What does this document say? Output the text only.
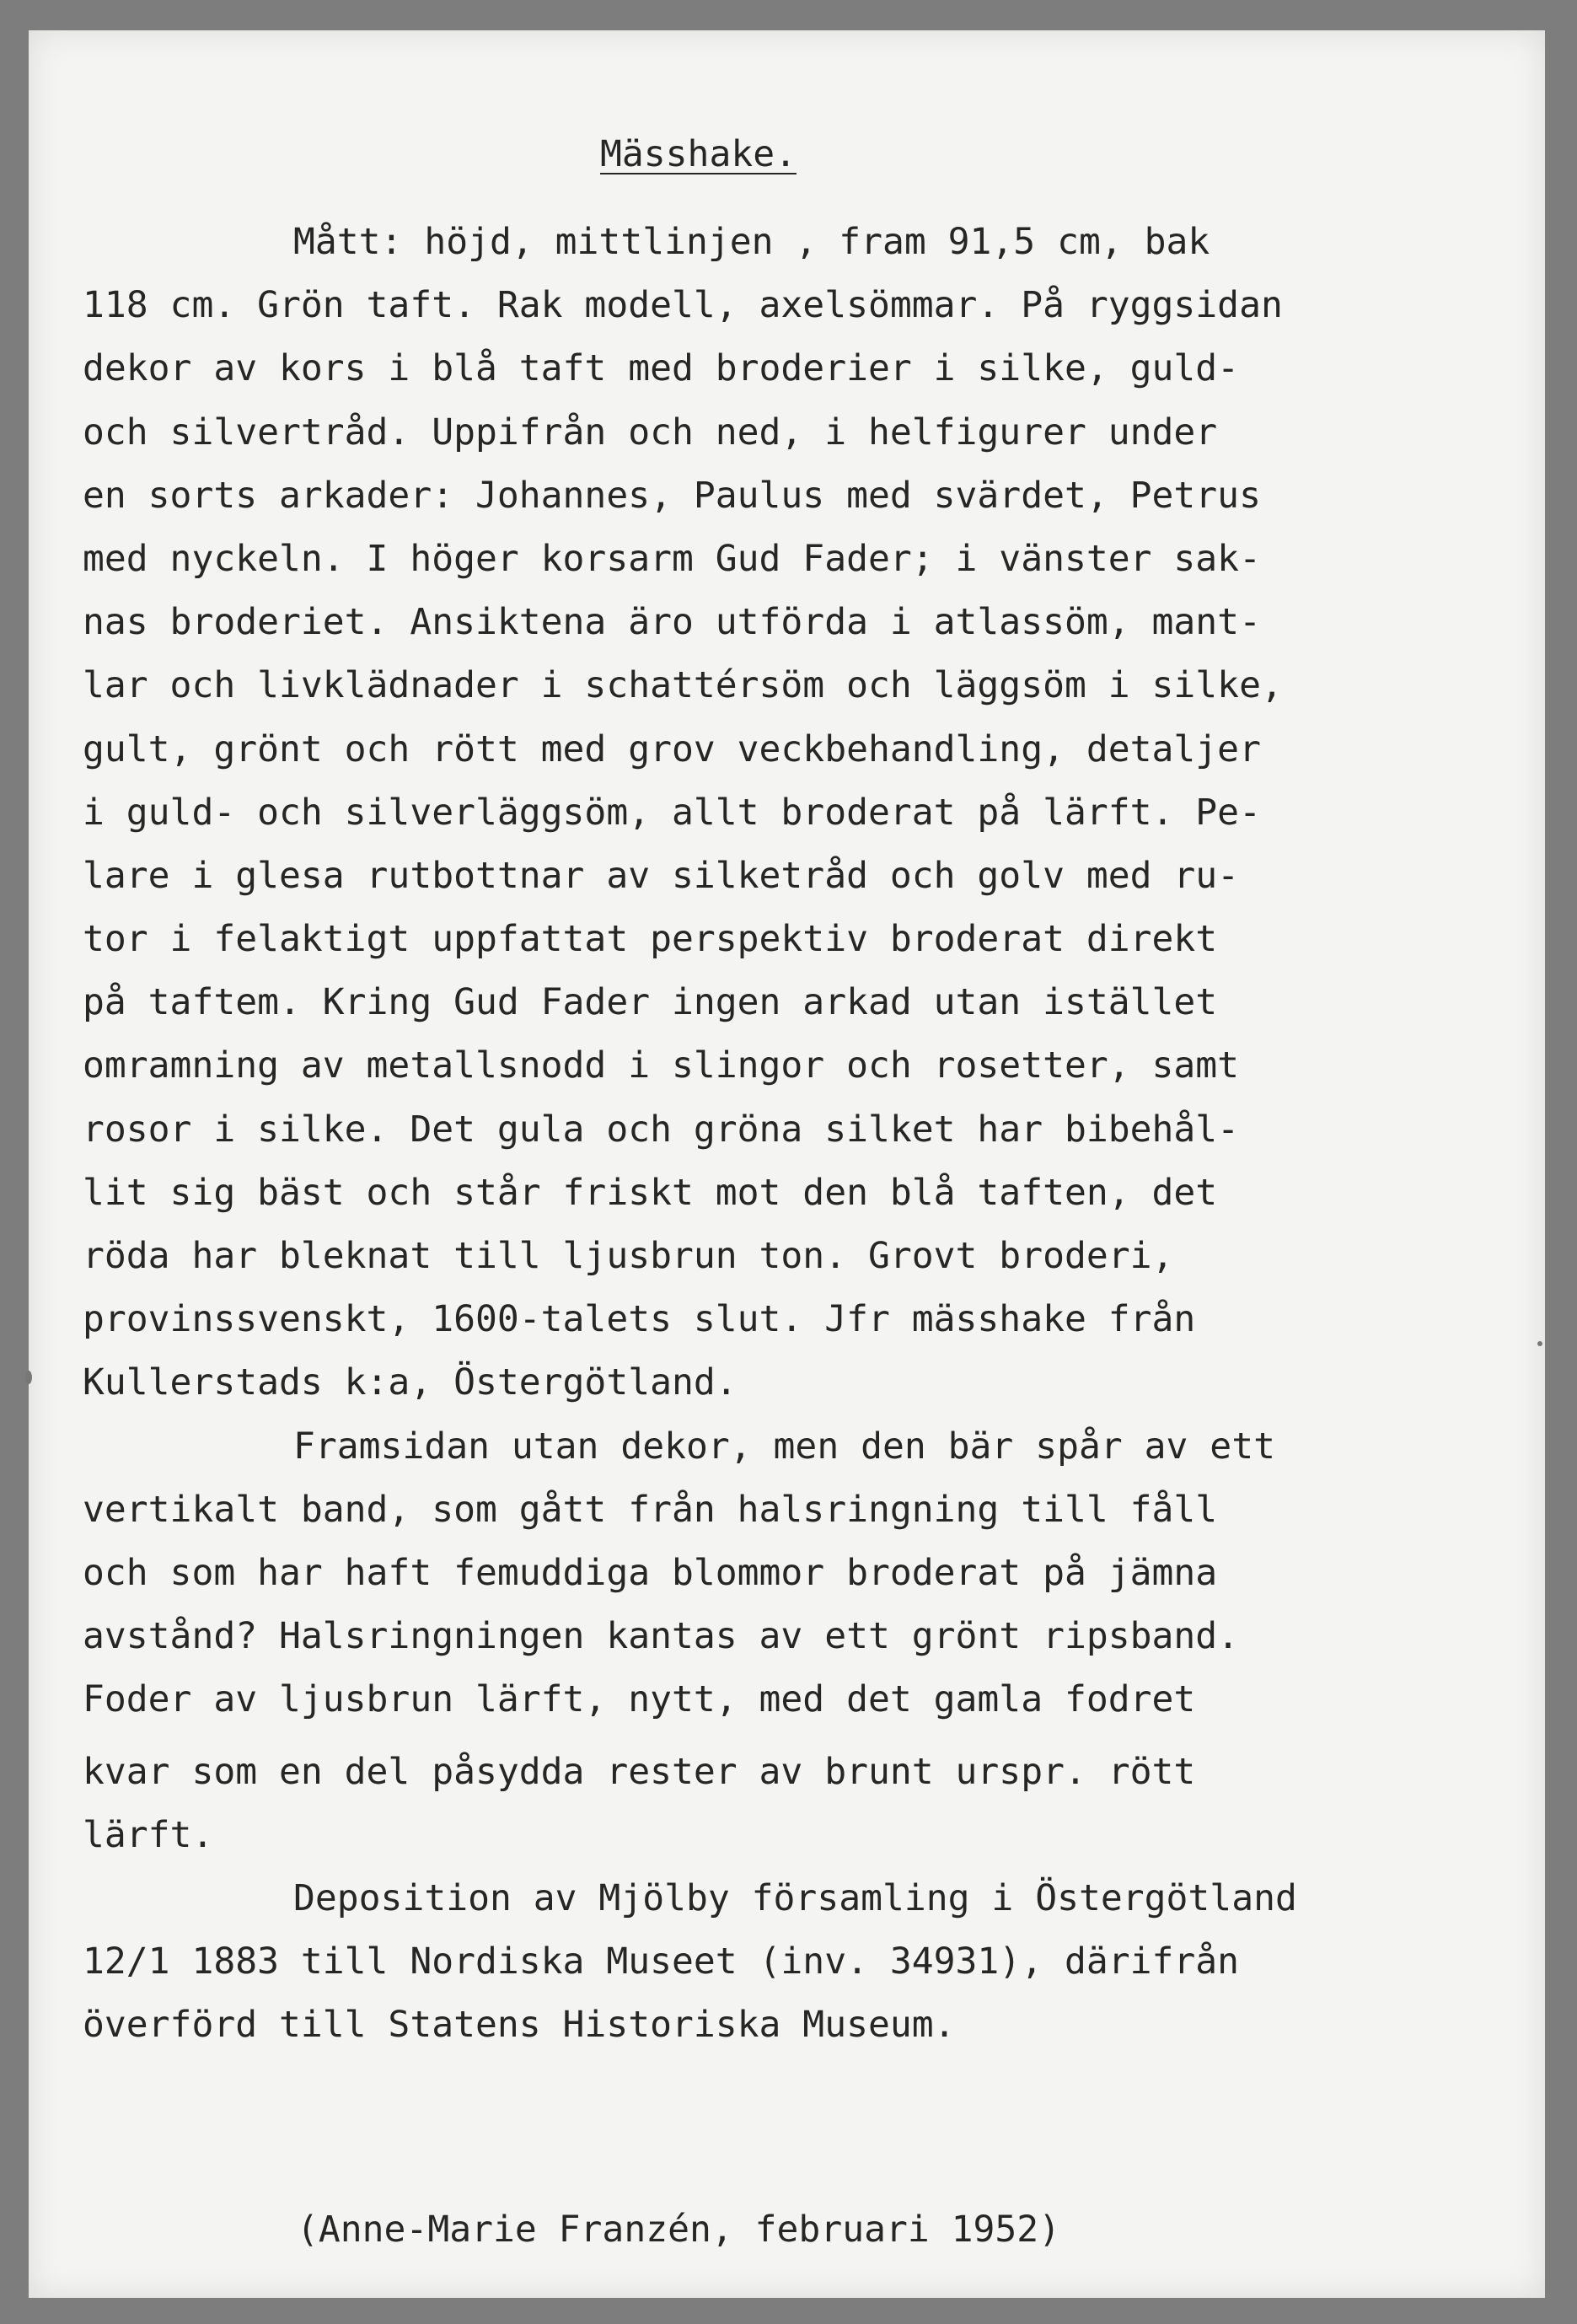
Mässhake.
Mått: höjd, mittlinjen , fram 91,5 cm, bak
118 cm. Grön taft. Rak modell, axelsömmar. På ryggsidan
dekor av kors i blå taft med broderier i silke, guld-
och silvertråd. Uppifrån och ned, i helfigurer under
en sorts arkader: Johannes, Paulus med svärdet, Petrus
med nyckeln. I höger korsarm Gud Fader; i vänster sak-
nas broderiet. Ansiktena äro utförda i atlassöm, mant-
lar och livklädnader i schattérsöm och läggsöm i silke,
gult, grönt och rött med grov veckbehandling, detaljer
i guld- och silverläggsöm, allt broderat på lärft. Pe-
lare i glesa rutbottnar av silketråd och golv med ru-
tor i felaktigt uppfattat perspektiv broderat direkt
på taftem. Kring Gud Fader ingen arkad utan istället
omramning av metallsnodd i slingor och rosetter, samt
rosor i silke. Det gula och gröna silket har bibehål-
lit sig bäst och står friskt mot den blå taften, det
röda har bleknat till ljusbrun ton. Grovt broderi,
provinssvenskt, 1600-talets slut. Jfr mässhake från
Kullerstads k:a, Östergötland.
Framsidan utan dekor, men den bär spår av ett
vertikalt band, som gått från halsringning till fåll
och som har haft femuddiga blommor broderat på jämna
avstånd? Halsringningen kantas av ett grönt ripsband.
Foder av ljusbrun lärft, nytt, med det gamla fodret
kvar som en del påsydda rester av brunt urspr. rött
lärft.
Deposition av Mjölby församling i Östergötland
12/1 1883 till Nordiska Museet (inv. 34931), därifrån
överförd till Statens Historiska Museum.
(Anne-Marie Franzén, februari 1952)
